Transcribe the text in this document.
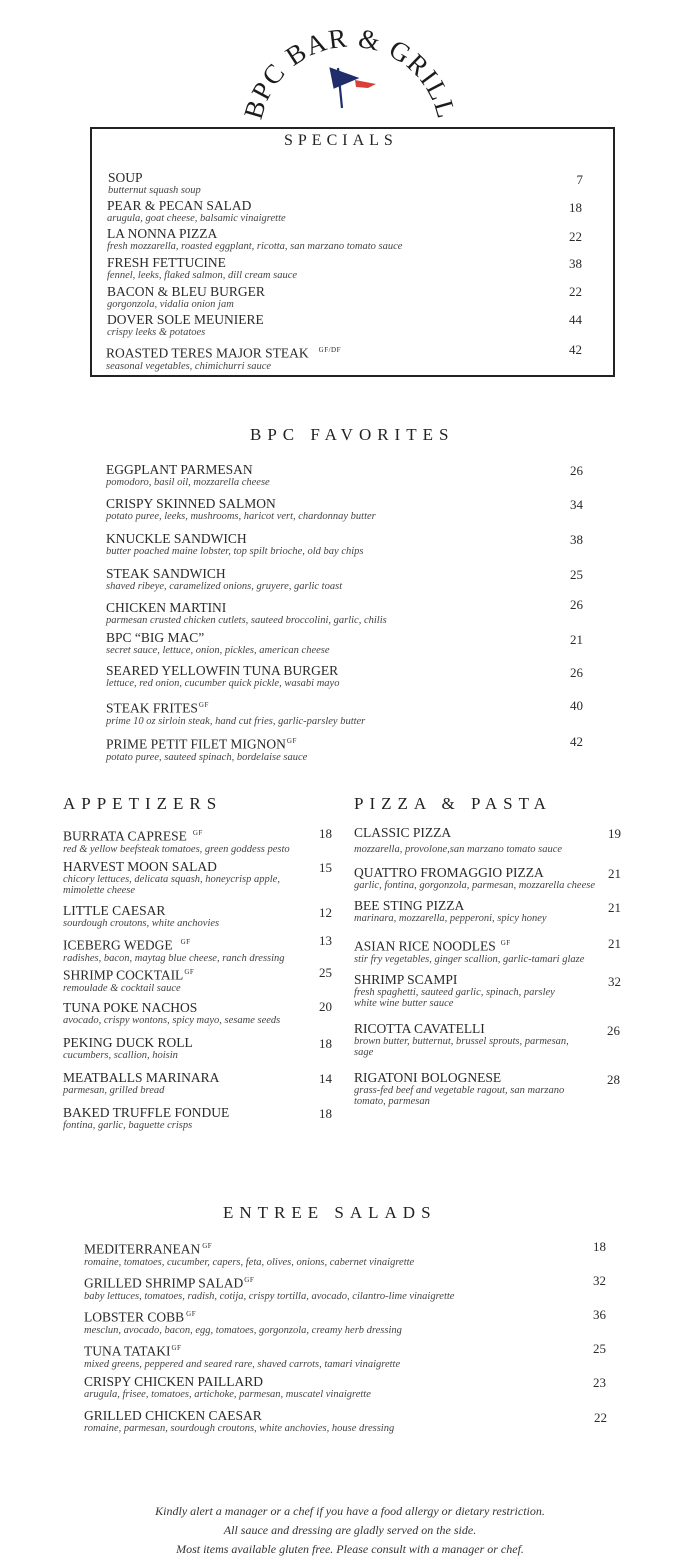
BPC BAR & GRILL
SPECIALS
SOUP
butternut squash soup
7
PEAR & PECAN SALAD
arugula, goat cheese, balsamic vinaigrette
18
LA NONNA PIZZA
fresh mozzarella, roasted eggplant, ricotta, san marzano tomato sauce
22
FRESH FETTUCINE
fennel, leeks, flaked salmon, dill cream sauce
38
BACON & BLEU BURGER
gorgonzola, vidalia onion jam
22
DOVER SOLE MEUNIERE
crispy leeks & potatoes
44
ROASTED TERES MAJOR STEAK $^{GF/DF}$
seasonal vegetables, chimichurri sauce
42
BPC FAVORITES
EGGPLANT PARMESAN
pomodoro, basil oil, mozzarella cheese
26
CRISPY SKINNED SALMON
potato puree, leeks, mushrooms, haricot vert, chardonnay butter
34
KNUCKLE SANDWICH
butter poached maine lobster, top spilt brioche, old bay chips
38
STEAK SANDWICH
shaved ribeye, caramelized onions, gruyere, garlic toast
25
CHICKEN MARTINI
parmesan crusted chicken cutlets, sauteed broccolini, garlic, chilis
26
BPC “BIG MAC”
secret sauce, lettuce, onion, pickles, american cheese
21
SEARED YELLOWFIN TUNA BURGER
lettuce, red onion, cucumber quick pickle, wasabi mayo
26
STEAK $FRITES^{GF}$
prime 10 oz sirloin steak, hand cut fries, garlic-parsley butter
40
PRIME PETIT FILET $MIGNON^{GF}$
potato puree, sauteed spinach, bordelaise sauce
42
APPETIZERS
BURRATA CAPRESE $^{GF}$
red & yellow beefsteak tomatoes, green goddess pesto
18
HARVEST MOON SALAD
chicory lettuces, delicata squash, honeycrisp apple, mimolette cheese
15
LITTLE CAESAR
sourdough croutons, white anchovies
12
ICEBERG WEDGE $^{GF}$
radishes, bacon, maytag blue cheese, ranch dressing
13
SHRIMP $COCKTAIL^{GF}$
remoulade & cocktail sauce
25
TUNA POKE NACHOS
avocado, crispy wontons, spicy mayo, sesame seeds
20
PEKING DUCK ROLL
cucumbers, scallion, hoisin
18
MEATBALLS MARINARA
parmesan, grilled bread
14
BAKED TRUFFLE FONDUE
fontina, garlic, baguette crisps
18
PIZZA & PASTA
CLASSIC PIZZA
mozzarella, provolone,san marzano tomato sauce
19
QUATTRO FROMAGGIO PIZZA
garlic, fontina, gorgonzola, parmesan, mozzarella cheese
21
BEE STING PIZZA
marinara, mozzarella, pepperoni, spicy honey
21
ASIAN RICE NOODLES $^{GF}$
stir fry vegetables, ginger scallion, garlic-tamari glaze
21
SHRIMP SCAMPI
fresh spaghetti, sauteed garlic, spinach, parsley white wine butter sauce
32
RICOTTA CAVATELLI
brown butter, butternut, brussel sprouts, parmesan, sage
26
RIGATONI BOLOGNESE
grass-fed beef and vegetable ragout, san marzano tomato, parmesan
28
ENTREE SALADS
MEDITERRANEAN $^{GF}$
romaine, tomatoes, cucumber, capers, feta, olives, onions, cabernet vinaigrette
18
GRILLED SHRIMP $SALAD^{GF}$
baby lettuces, tomatoes, radish, cotija, crispy tortilla, avocado, cilantro-lime vinaigrette
32
LOBSTER COBB $^{GF}$
mesclun, avocado, bacon, egg, tomatoes, gorgonzola, creamy herb dressing
36
TUNA $TATAKI^{GF}$
mixed greens, peppered and seared rare, shaved carrots, tamari vinaigrette
25
CRISPY CHICKEN PAILLARD
arugula, frisee, tomatoes, artichoke, parmesan, muscatel vinaigrette
23
GRILLED CHICKEN CAESAR
romaine, parmesan, sourdough croutons, white anchovies, house dressing
22
Kindly alert a manager or a chef if you have a food allergy or dietary restriction.
All sauce and dressing are gladly served on the side.
Most items available gluten free. Please consult with a manager or chef.
